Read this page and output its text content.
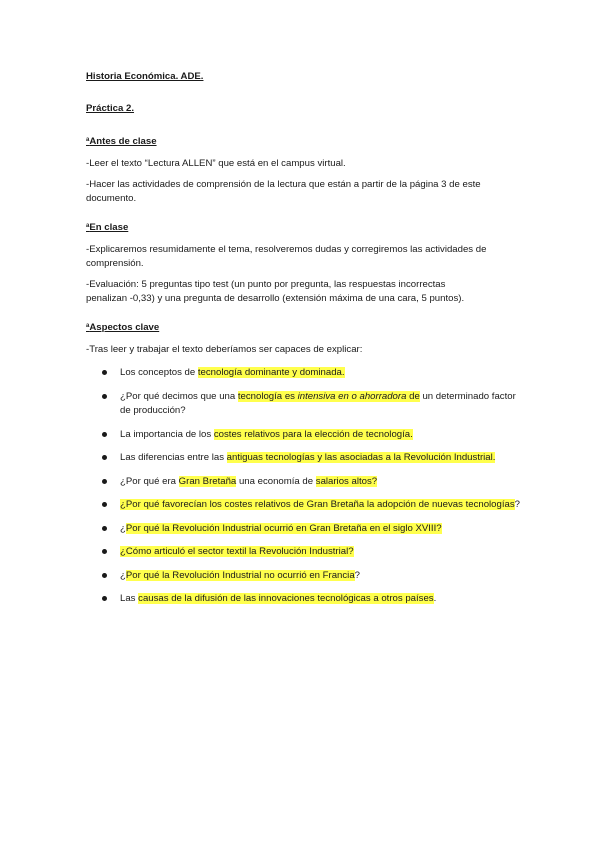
Historia Económica. ADE.

Práctica 2.

$^a$Antes de clase

-Leer el texto “Lectura ALLEN” que está en el campus virtual.

-Hacer las actividades de comprensión de la lectura que están a partir de la página 3 de este documento.

$^a$En clase

-Explicaremos resumidamente el tema, resolveremos dudas y corregiremos las actividades de comprensión.

-Evaluación: 5 preguntas tipo test (un punto por pregunta, las respuestas incorrectas penalizan -0,33) y una pregunta de desarrollo (extensión máxima de una cara, 5 puntos).

$^a$Aspectos clave

-Tras leer y trabajar el texto deberíamos ser capaces de explicar:

Los conceptos de tecnología dominante y dominada.
¿Por qué decimos que una tecnología es intensiva en o ahorradora de un determinado factor de producción?
La importancia de los costes relativos para la elección de tecnología.
Las diferencias entre las antiguas tecnologías y las asociadas a la Revolución Industrial.
¿Por qué era Gran Bretaña una economía de salarios altos?
¿Por qué favorecían los costes relativos de Gran Bretaña la adopción de nuevas tecnologías?
¿Por qué la Revolución Industrial ocurrió en Gran Bretaña en el siglo XVIII?
¿Cómo articuló el sector textil la Revolución Industrial?
¿Por qué la Revolución Industrial no ocurrió en Francia?
Las causas de la difusión de las innovaciones tecnológicas a otros países.
